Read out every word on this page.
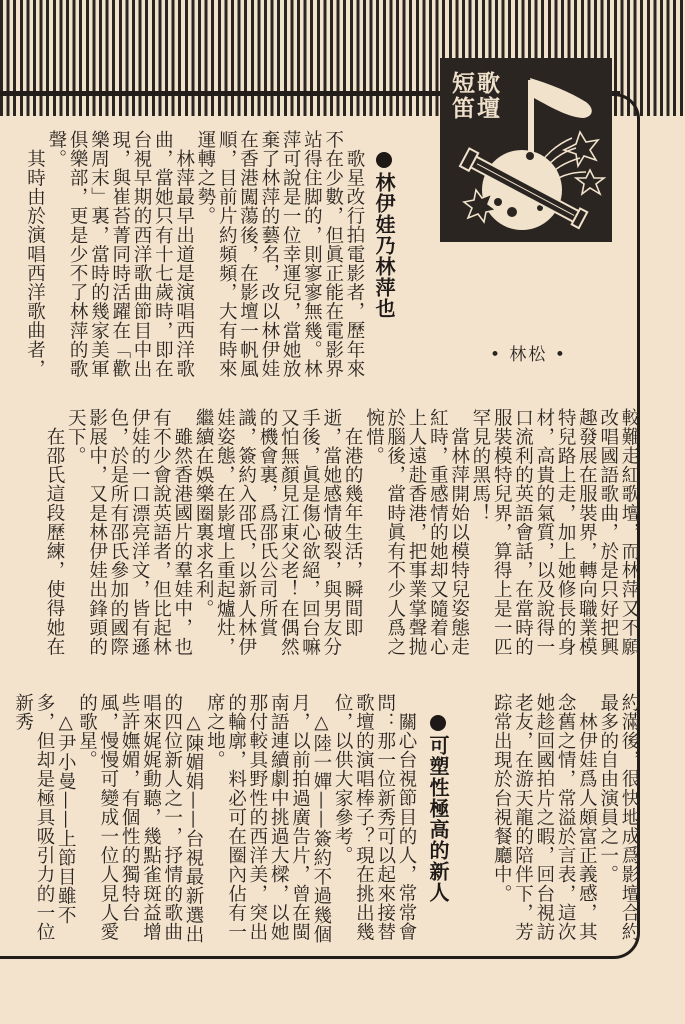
短歌
笛壇
林伊娃乃林萍也

歌星改行拍電影者，歷年來不在少數，但眞正能在電影界站得住脚的，則寥寥無幾。林萍可說是一位幸運兒，當她放棄了林萍的藝名，改以林伊娃在香港闖蕩後，在影壇一帆風順，目前片約頻頻，大有時來運轉之勢。

林萍最早出道是演唱西洋歌曲，當她只有十七歲時，即在台視早期的西洋歌曲節目中出現，與崔苔菁同時活躍在「歡樂周末」裏，當時的幾家美軍俱樂部，更是少不了林萍的歌聲。

其時由於演唱西洋歌曲者，	• 林松 •

較難走紅歌壇，而林萍又不願改唱國語歌曲，於是只好把興趣發展在服裝界，轉向職業模特兒路上走，加上她修長的身材，高貴的氣質，以及說得一口流利的英語會話，在當時的服裝模特兒界，算得上是一匹罕見的黑馬！

當林萍開始以模特兒姿態走紅時，重感情的她却又隨着心上人遠赴香港，把事業掌聲抛於腦後，當時眞有不少人爲之惋惜。

在港的幾年生活，瞬間即逝，當她感情破裂，與男友分手後，眞是傷心欲絕，回台嘛又怕無顏見江東父老！在偶然的機會裏，爲邵氏公司所賞識，簽約入邵氏，以新人林伊娃姿態，在影壇上重起爐灶，繼續在娛樂圈裏求名利。

雖然香港國片的羣娃中，也有不少會說英語者，但比起林伊娃的一口漂亮洋文，皆有遜色，於是所有邵氏參加的國際影展中，又是林伊娃出鋒頭的天下。

在邵氏這段歷練，使得她在

約滿後，很快地成爲影壇合約最多的自由演員之一。

林伊娃爲人頗富正義感，其念舊之情，常溢於言表，這次她趁回國拍片之暇，回台視訪老友，在游天龍的陪伴下，芳踪常出現於台視餐廳中。

可塑性極高的新人

關心台視節目的人，常常會問：那一位新秀可以起來接替歌壇的演唱棒子？現在挑出幾位，以供大家參考。

△陸一嬋——簽約不過幾個月，以前拍過廣告片，曾在閩南語連續劇中挑過大樑，以她那付較具野性的西洋美，突出的輪廓，料必可在圈內佔有一席之地。

△陳媚娟——台視最新選出的四位新人之一，抒情的歌曲唱來娓娓動聽，幾點雀斑益增些許嫵媚，有個性的獨特台風，慢慢可變成一位人見人愛的歌星。

△尹小曼——上節目雖不多，但却是極具吸引力的一位新秀
